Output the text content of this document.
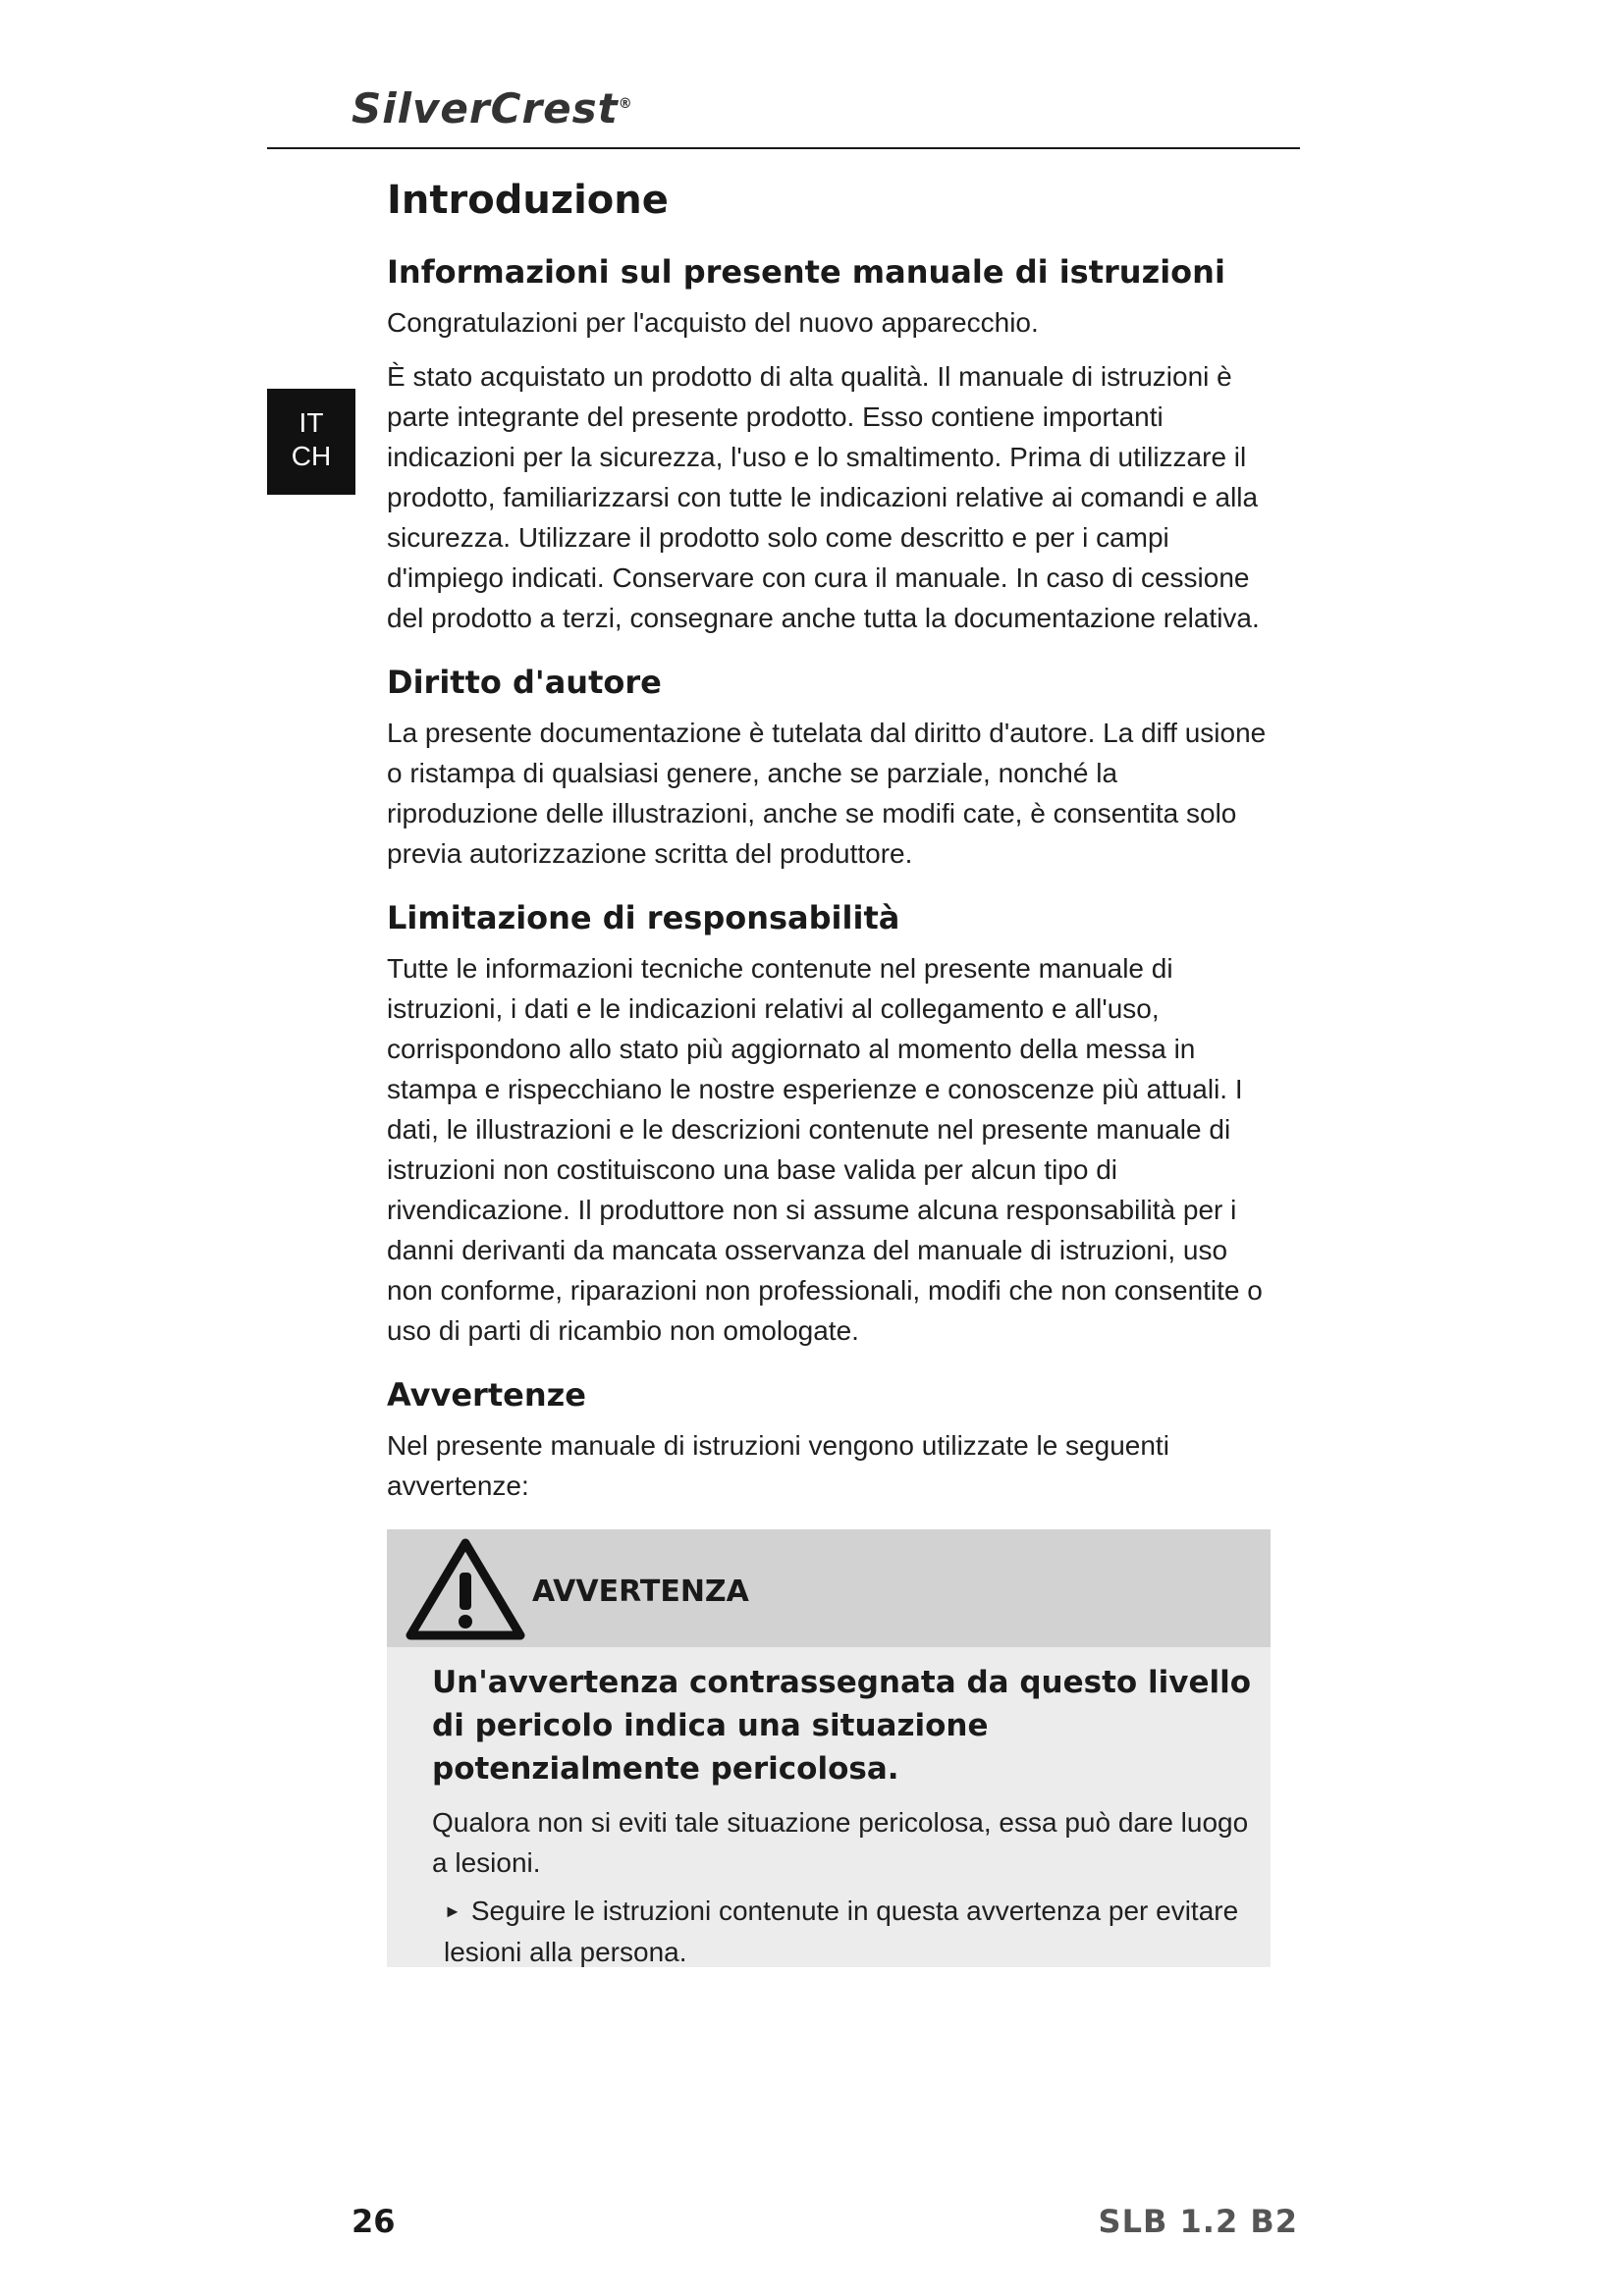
SilverCrest®
IT
CH
Introduzione
Informazioni sul presente manuale di istruzioni

Congratulazioni per l'acquisto del nuovo apparecchio.

È stato acquistato un prodotto di alta qualità. Il manuale di istruzioni è parte integrante del presente prodotto. Esso contiene importanti indicazioni per la sicurezza, l'uso e lo smaltimento. Prima di utilizzare il prodotto, familiarizzarsi con tutte le indicazioni relative ai comandi e alla sicurezza. Utilizzare il prodotto solo come descritto e per i campi d'impiego indicati. Conservare con cura il manuale. In caso di cessione del prodotto a terzi, consegnare anche tutta la documentazione relativa.

Diritto d'autore

La presente documentazione è tutelata dal diritto d'autore. La diff usione o ristampa di qualsiasi genere, anche se parziale, nonché la riproduzione delle illustrazioni, anche se modifi cate, è consentita solo previa autorizzazione scritta del produttore.

Limitazione di responsabilità

Tutte le informazioni tecniche contenute nel presente manuale di istruzioni, i dati e le indicazioni relativi al collegamento e all'uso, corrispondono allo stato più aggiornato al momento della messa in stampa e rispecchiano le nostre esperienze e conoscenze più attuali. I dati, le illustrazioni e le descrizioni contenute nel presente manuale di istruzioni non costituiscono una base valida per alcun tipo di rivendicazione. Il produttore non si assume alcuna responsabilità per i danni derivanti da mancata osservanza del manuale di istruzioni, uso non conforme, riparazioni non professionali, modifi che non consentite o uso di parti di ricambio non omologate.

Avvertenze

Nel presente manuale di istruzioni vengono utilizzate le seguenti avvertenze:

AVVERTENZA

Un'avvertenza contrassegnata da questo livello di pericolo indica una situazione potenzialmente pericolosa.

Qualora non si eviti tale situazione pericolosa, essa può dare luogo a lesioni.

► Seguire le istruzioni contenute in questa avvertenza per evitare lesioni alla persona.

26	SLB 1.2 B2
